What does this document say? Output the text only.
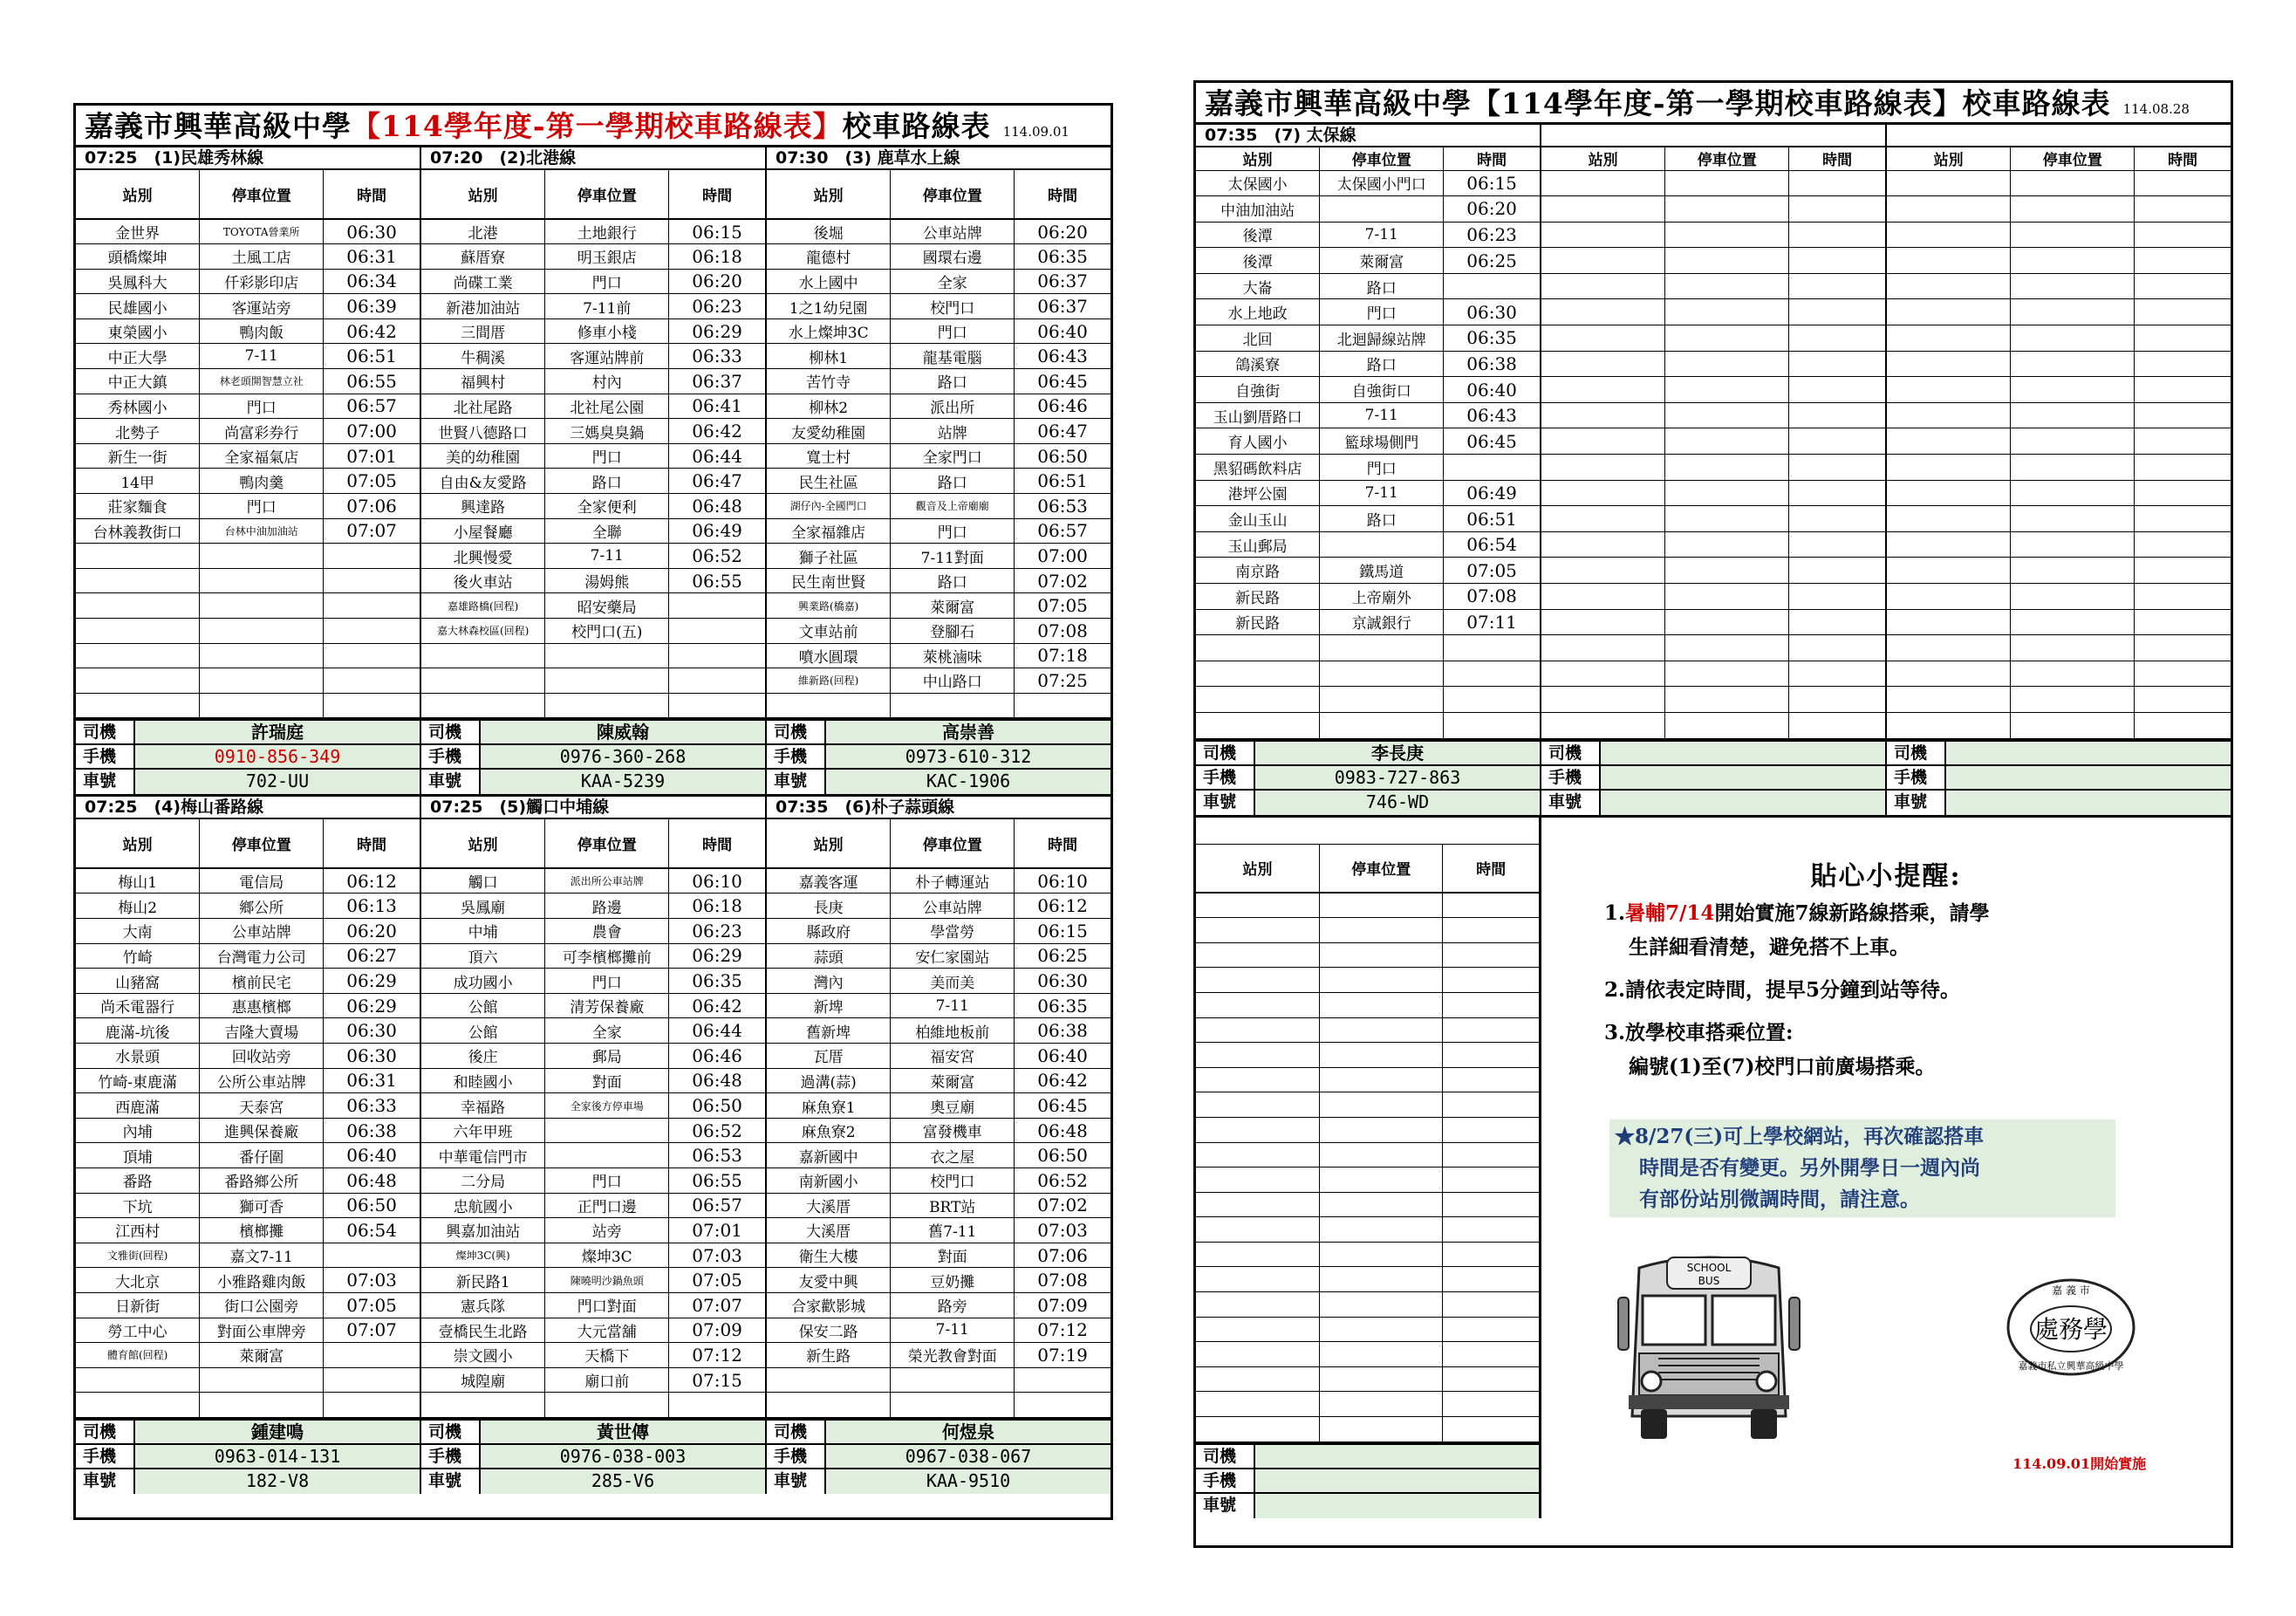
嘉義市興華高級中學【114學年度-第一學期校車路線表】校車路線表 114.09.01
07:25　(1)民雄秀林線
站別	停車位置	時間
金世界	TOYOTA營業所	06:30
頭橋燦坤	土風工店	06:31
吳鳳科大	仟彩影印店	06:34
民雄國小	客運站旁	06:39
東榮國小	鴨肉飯	06:42
中正大學	7-11	06:51
中正大鎮	林老頭開智慧立社	06:55
秀林國小	門口	06:57
北勢子	尚富彩券行	07:00
新生一街	全家福氣店	07:01
14甲	鴨肉羹	07:05
莊家麵食	門口	07:06
台林義教街口	台林中油加油站	07:07

司機	許瑞庭
手機	0910-856-349
車號	702-UU
07:20　(2)北港線
站別	停車位置	時間
北港	土地銀行	06:15
蘇厝寮	明玉銀店	06:18
尚碟工業	門口	06:20
新港加油站	7-11前	06:23
三間厝	修車小棧	06:29
牛稠溪	客運站牌前	06:33
福興村	村內	06:37
北社尾路	北社尾公園	06:41
世賢八德路口	三媽臭臭鍋	06:42
美的幼稚園	門口	06:44
自由&友愛路	路口	06:47
興達路	全家便利	06:48
小屋餐廳	全聯	06:49
北興慢愛	7-11	06:52
後火車站	湯姆熊	06:55
嘉雄路橋(回程)	昭安藥局	
嘉大林森校區(回程)	校門口(五)	

司機	陳威翰
手機	0976-360-268
車號	KAA-5239
07:30　(3) 鹿草水上線
站別	停車位置	時間
後堀	公車站牌	06:20
龍德村	國環右邊	06:35
水上國中	全家	06:37
1之1幼兒園	校門口	06:37
水上燦坤3C	門口	06:40
柳林1	龍基電腦	06:43
苦竹寺	路口	06:45
柳林2	派出所	06:46
友愛幼稚園	站牌	06:47
寬士村	全家門口	06:50
民生社區	路口	06:51
湖仔內-全國門口	觀音及上帝廟廟	06:53
全家福雜店	門口	06:57
獅子社區	7-11對面	07:00
民生南世賢	路口	07:02
興業路(橋嘉)	萊爾富	07:05
文車站前	登腳石	07:08
噴水圓環	萊桃滷味	07:18
維新路(回程)	中山路口	07:25

司機	高崇善
手機	0973-610-312
車號	KAC-1906
07:25　(4)梅山番路線
站別	停車位置	時間
梅山1	電信局	06:12
梅山2	鄉公所	06:13
大南	公車站牌	06:20
竹崎	台灣電力公司	06:27
山豬窩	檳前民宅	06:29
尚禾電器行	惠惠檳榔	06:29
鹿滿-坑後	吉隆大賣場	06:30
水景頭	回收站旁	06:30
竹崎-東鹿滿	公所公車站牌	06:31
西鹿滿	天泰宮	06:33
內埔	進興保養廠	06:38
頂埔	番仔圍	06:40
番路	番路鄉公所	06:48
下坑	獅可香	06:50
江西村	檳榔攤	06:54
文雅街(回程)	嘉文7-11	
大北京	小雅路雞肉飯	07:03
日新街	街口公園旁	07:05
勞工中心	對面公車牌旁	07:07
體育館(回程)	萊爾富	

司機	鍾建鳴
手機	0963-014-131
車號	182-V8
07:25　(5)觸口中埔線
站別	停車位置	時間
觸口	派出所公車站牌	06:10
吳鳳廟	路邊	06:18
中埔	農會	06:23
頂六	可李檳榔攤前	06:29
成功國小	門口	06:35
公館	清芳保養廠	06:42
公館	全家	06:44
後庄	郵局	06:46
和睦國小	對面	06:48
幸福路	全家後方停車場	06:50
六年甲班		06:52
中華電信門市		06:53
二分局	門口	06:55
忠航國小	正門口邊	06:57
興嘉加油站	站旁	07:01
燦坤3C(興)	燦坤3C	07:03
新民路1	陳曉明沙鍋魚頭	07:05
憲兵隊	門口對面	07:07
壹橋民生北路	大元當舖	07:09
崇文國小	天橋下	07:12
城隍廟	廟口前	07:15

司機	黃世傳
手機	0976-038-003
車號	285-V6
07:35　(6)朴子蒜頭線
站別	停車位置	時間
嘉義客運	朴子轉運站	06:10
長庚	公車站牌	06:12
縣政府	學當勞	06:15
蒜頭	安仁家園站	06:25
灣內	美而美	06:30
新埤	7-11	06:35
舊新埤	柏維地板前	06:38
瓦厝	福安宮	06:40
過溝(蒜)	萊爾富	06:42
麻魚寮1	奧豆廟	06:45
麻魚寮2	富發機車	06:48
嘉新國中	衣之屋	06:50
南新國小	校門口	06:52
大溪厝	BRT站	07:02
大溪厝	舊7-11	07:03
衛生大樓	對面	07:06
友愛中興	豆奶攤	07:08
合家歡影城	路旁	07:09
保安二路	7-11	07:12
新生路	榮光教會對面	07:19

司機	何煜泉
手機	0967-038-067
車號	KAA-9510
嘉義市興華高級中學【114學年度-第一學期校車路線表】校車路線表 114.08.28
07:35　(7) 太保線
站別	停車位置	時間
太保國小	太保國小門口	06:15
中油加油站		06:20
後潭	7-11	06:23
後潭	萊爾富	06:25
大崙	路口	
水上地政	門口	06:30
北回	北迴歸線站牌	06:35
鴿溪寮	路口	06:38
自強街	自強街口	06:40
玉山劉厝路口	7-11	06:43
育人國小	籃球場側門	06:45
黑貂碼飲料店	門口	
港坪公園	7-11	06:49
金山玉山	路口	06:51
玉山郵局		06:54
南京路	鐵馬道	07:05
新民路	上帝廟外	07:08
新民路	京誠銀行	07:11

司機	李長庚
手機	0983-727-863
車號	746-WD

站別	停車位置	時間

司機
手機
車號

站別	停車位置	時間

司機
手機
車號
站別	停車位置	時間

司機
手機
車號
貼心小提醒:
1.暑輔7/14開始實施7線新路線搭乘，請學
生詳細看清楚，避免搭不上車。
2.請依表定時間，提早5分鐘到站等待。
3.放學校車搭乘位置:
編號(1)至(7)校門口前廣場搭乘。
★8/27(三)可上學校網站，再次確認搭車
時間是否有變更。另外開學日一週內尚
有部份站別微調時間，請注意。
SCHOOL
BUS
處務學
嘉 義 市
嘉義市私立興華高級中學
114.09.01開始實施
